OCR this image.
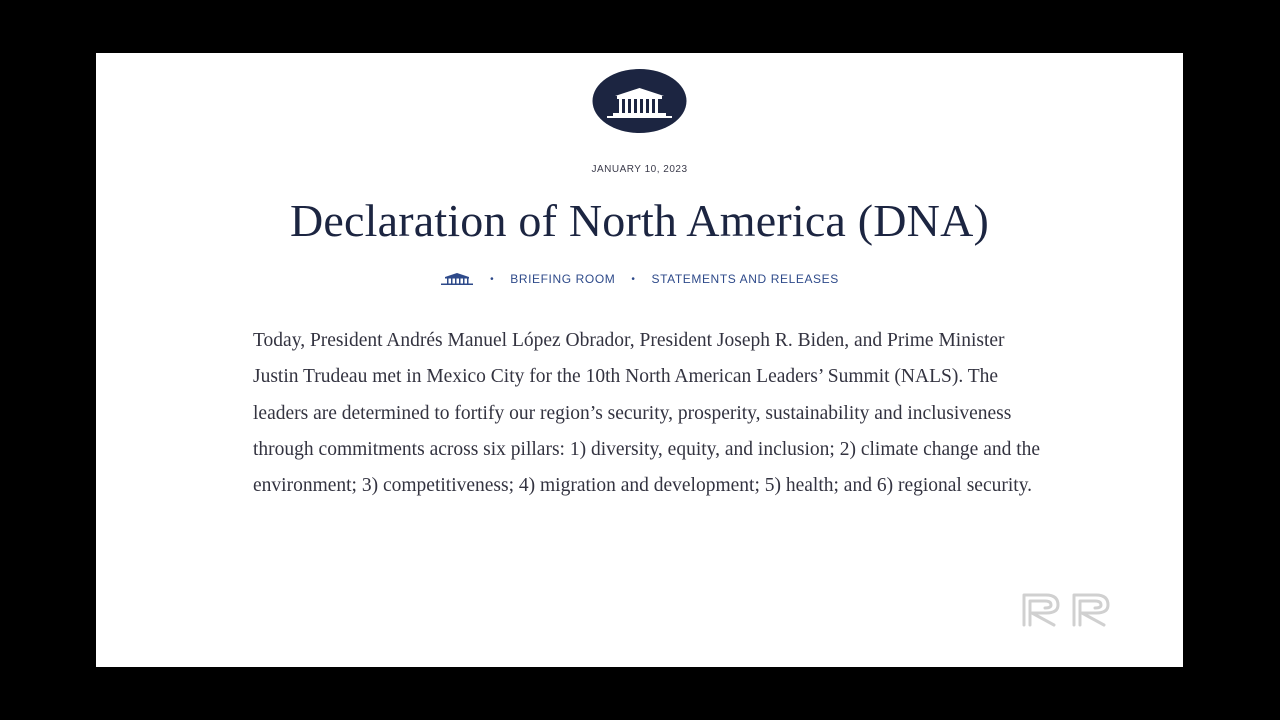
JANUARY 10, 2023
Declaration of North America (DNA)
• BRIEFING ROOM • STATEMENTS AND RELEASES

Today, President Andrés Manuel López Obrador, President Joseph R. Biden, and Prime Minister Justin Trudeau met in Mexico City for the 10th North American Leaders’ Summit (NALS). The leaders are determined to fortify our region’s security, prosperity, sustainability and inclusiveness through commitments across six pillars: 1) diversity, equity, and inclusion; 2) climate change and the environment; 3) competitiveness; 4) migration and development; 5) health; and 6) regional security.
